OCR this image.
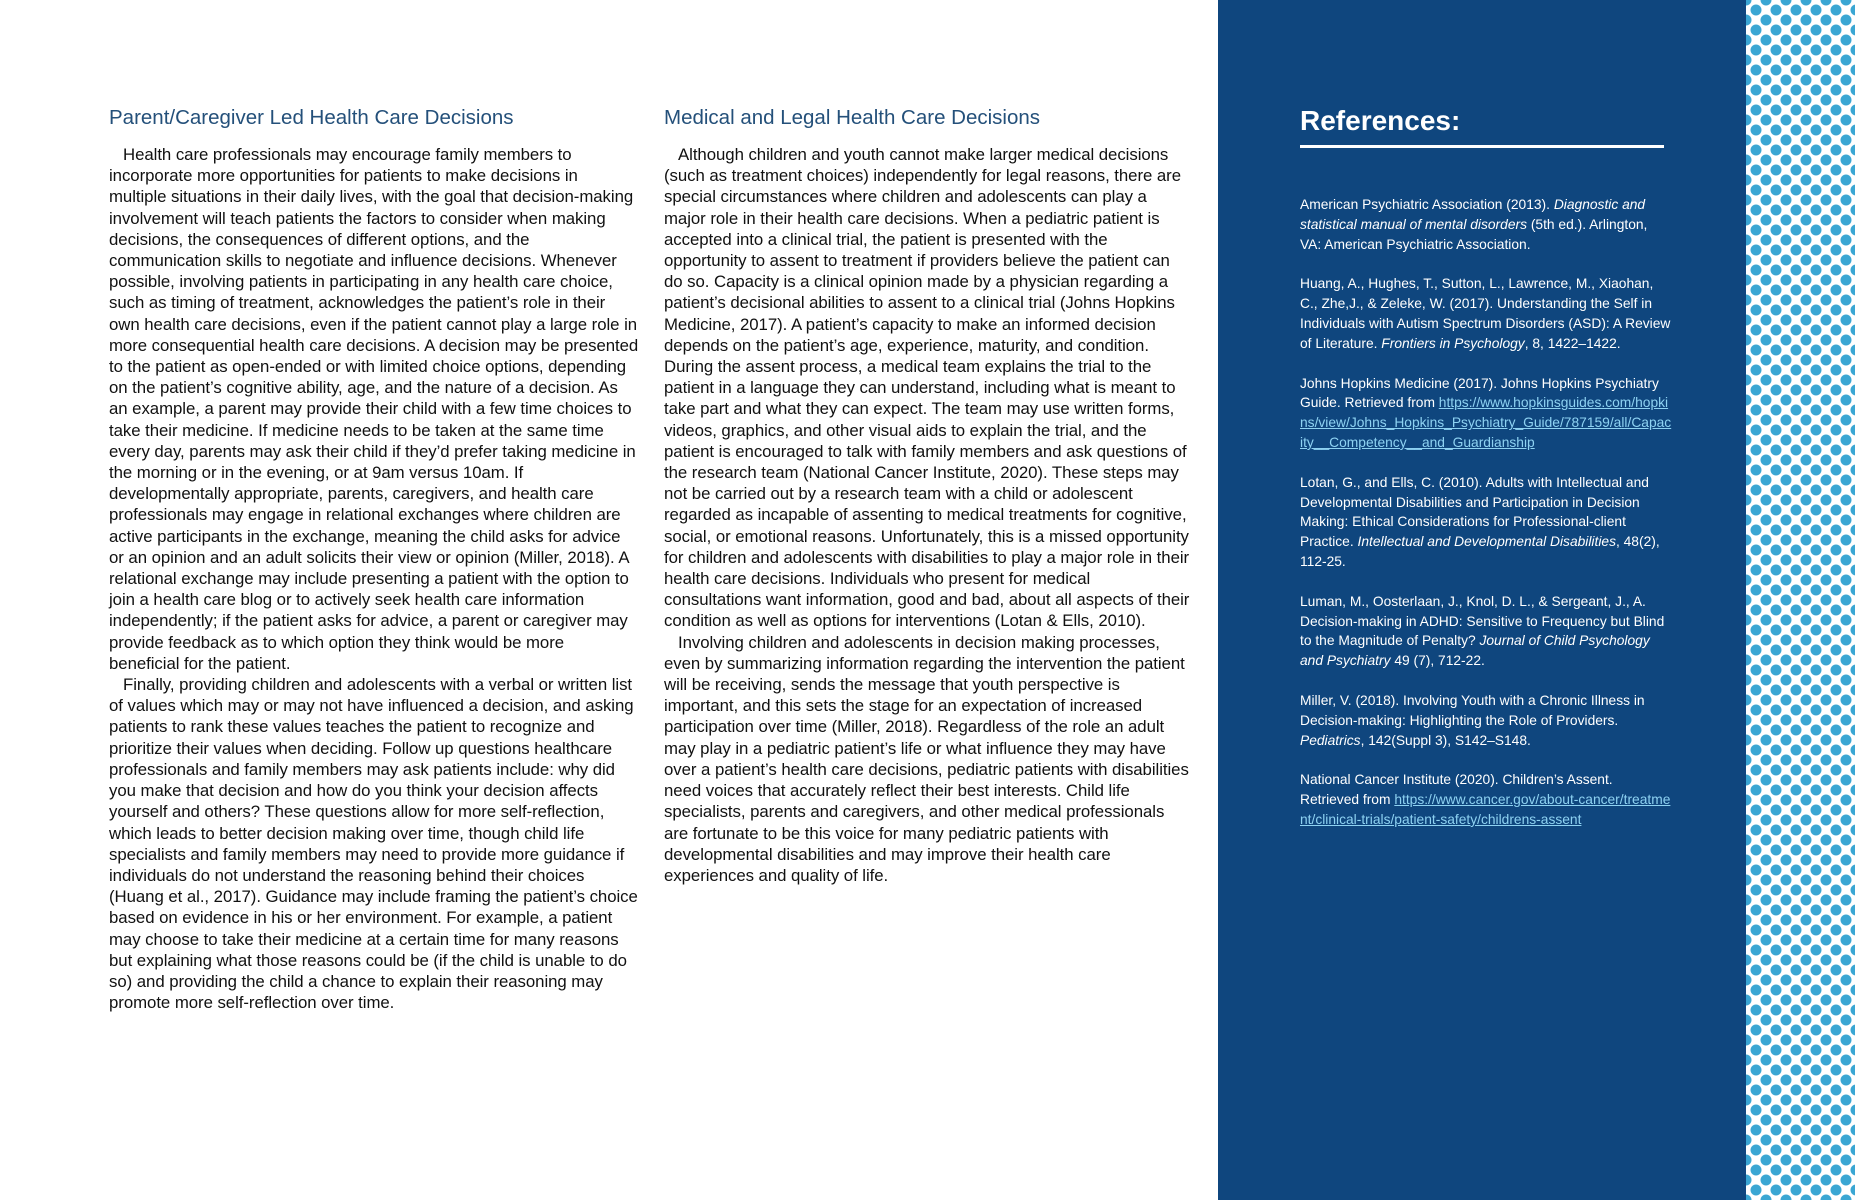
Parent/Caregiver Led Health Care Decisions

Health care professionals may encourage family members to incorporate more opportunities for patients to make decisions in multiple situations in their daily lives, with the goal that decision-making involvement will teach patients the factors to consider when making decisions, the consequences of different options, and the communication skills to negotiate and influence decisions. Whenever possible, involving patients in participating in any health care choice, such as timing of treatment, acknowledges the patient’s role in their own health care decisions, even if the patient cannot play a large role in more consequential health care decisions. A decision may be presented to the patient as open-ended or with limited choice options, depending on the patient’s cognitive ability, age, and the nature of a decision. As an example, a parent may provide their child with a few time choices to take their medicine. If medicine needs to be taken at the same time every day, parents may ask their child if they’d prefer taking medicine in the morning or in the evening, or at 9am versus 10am. If developmentally appropriate, parents, caregivers, and health care professionals may engage in relational exchanges where children are active participants in the exchange, meaning the child asks for advice or an opinion and an adult solicits their view or opinion (Miller, 2018). A relational exchange may include presenting a patient with the option to join a health care blog or to actively seek health care information independently; if the patient asks for advice, a parent or caregiver may provide feedback as to which option they think would be more beneficial for the patient.

Finally, providing children and adolescents with a verbal or written list of values which may or may not have influenced a decision, and asking patients to rank these values teaches the patient to recognize and prioritize their values when deciding. Follow up questions healthcare professionals and family members may ask patients include: why did you make that decision and how do you think your decision affects yourself and others? These questions allow for more self-reflection, which leads to better decision making over time, though child life specialists and family members may need to provide more guidance if individuals do not understand the reasoning behind their choices (Huang et al., 2017). Guidance may include framing the patient’s choice based on evidence in his or her environment. For example, a patient may choose to take their medicine at a certain time for many reasons but explaining what those reasons could be (if the child is unable to do so) and providing the child a chance to explain their reasoning may promote more self-reflection over time.

Medical and Legal Health Care Decisions

Although children and youth cannot make larger medical decisions (such as treatment choices) independently for legal reasons, there are special circumstances where children and adolescents can play a major role in their health care decisions. When a pediatric patient is accepted into a clinical trial, the patient is presented with the opportunity to assent to treatment if providers believe the patient can do so. Capacity is a clinical opinion made by a physician regarding a patient’s decisional abilities to assent to a clinical trial (Johns Hopkins Medicine, 2017). A patient’s capacity to make an informed decision depends on the patient’s age, experience, maturity, and condition. During the assent process, a medical team explains the trial to the patient in a language they can understand, including what is meant to take part and what they can expect. The team may use written forms, videos, graphics, and other visual aids to explain the trial, and the patient is encouraged to talk with family members and ask questions of the research team (National Cancer Institute, 2020). These steps may not be carried out by a research team with a child or adolescent regarded as incapable of assenting to medical treatments for cognitive, social, or emotional reasons. Unfortunately, this is a missed opportunity for children and adolescents with disabilities to play a major role in their health care decisions. Individuals who present for medical consultations want information, good and bad, about all aspects of their condition as well as options for interventions (Lotan & Ells, 2010).

Involving children and adolescents in decision making processes, even by summarizing information regarding the intervention the patient will be receiving, sends the message that youth perspective is important, and this sets the stage for an expectation of increased participation over time (Miller, 2018). Regardless of the role an adult may play in a pediatric patient’s life or what influence they may have over a patient’s health care decisions, pediatric patients with disabilities need voices that accurately reflect their best interests. Child life specialists, parents and caregivers, and other medical professionals are fortunate to be this voice for many pediatric patients with developmental disabilities and may improve their health care experiences and quality of life.

References:

American Psychiatric Association (2013). Diagnostic and statistical manual of mental disorders (5th ed.). Arlington, VA: American Psychiatric Association.

Huang, A., Hughes, T., Sutton, L., Lawrence, M., Xiaohan, C., Zhe,J., & Zeleke, W. (2017). Understanding the Self in Individuals with Autism Spectrum Disorders (ASD): A Review of Literature. Frontiers in Psychology, 8, 1422–1422.

Johns Hopkins Medicine (2017). Johns Hopkins Psychiatry Guide. Retrieved from https://www.hopkinsguides.com/hopkins/view/Johns_Hopkins_Psychiatry_Guide/787159/all/Capacity__Competency__and_Guardianship

Lotan, G., and Ells, C. (2010). Adults with Intellectual and Developmental Disabilities and Participation in Decision Making: Ethical Considerations for Professional-client Practice. Intellectual and Developmental Disabilities, 48(2), 112-25.

Luman, M., Oosterlaan, J., Knol, D. L., & Sergeant, J., A. Decision-making in ADHD: Sensitive to Frequency but Blind to the Magnitude of Penalty? Journal of Child Psychology and Psychiatry 49 (7), 712-22.

Miller, V. (2018). Involving Youth with a Chronic Illness in Decision-making: Highlighting the Role of Providers. Pediatrics, 142(Suppl 3), S142–S148.

National Cancer Institute (2020). Children’s Assent. Retrieved from https://www.cancer.gov/about-cancer/treatment/clinical-trials/patient-safety/childrens-assent
